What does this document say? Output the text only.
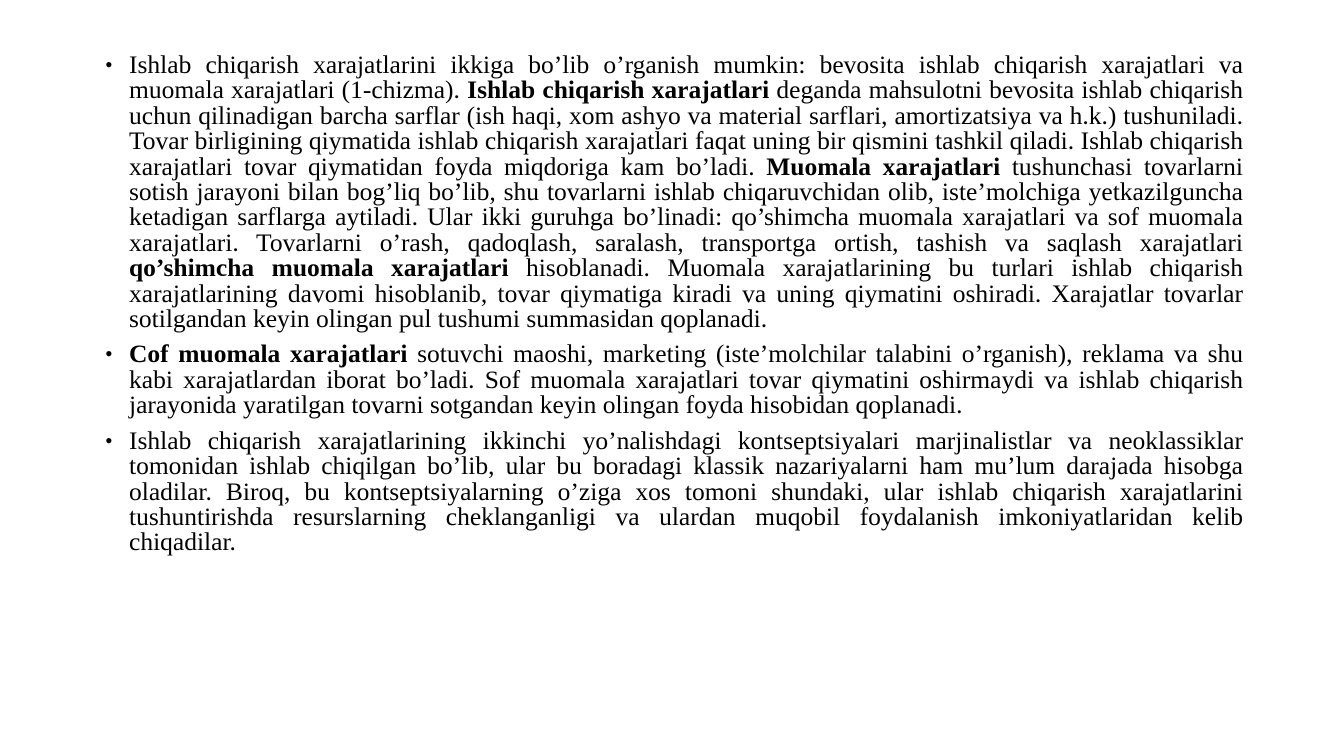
• Ishlab chiqarish xarajatlarini ikkiga bo’lib o’rganish mumkin: bevosita ishlab chiqarish xarajatlari va muomala xarajatlari (1-chizma). Ishlab chiqarish xarajatlari deganda mahsulotni bevosita ishlab chiqarish uchun qilinadigan barcha sarflar (ish haqi, xom ashyo va material sarflari, amortizatsiya va h.k.) tushuniladi. Tovar birligining qiymatida ishlab chiqarish xarajatlari faqat uning bir qismini tashkil qiladi. Ishlab chiqarish xarajatlari tovar qiymatidan foyda miqdoriga kam bo’ladi. Muomala xarajatlari tushunchasi tovarlarni sotish jarayoni bilan bog’liq bo’lib, shu tovarlarni ishlab chiqaruvchidan olib, iste’molchiga yetkazilguncha ketadigan sarflarga aytiladi. Ular ikki guruhga bo’linadi: qo’shimcha muomala xarajatlari va sof muomala xarajatlari. Tovarlarni o’rash, qadoqlash, saralash, transportga ortish, tashish va saqlash xarajatlari qo’shimcha muomala xarajatlari hisoblanadi. Muomala xarajatlarining bu turlari ishlab chiqarish xarajatlarining davomi hisoblanib, tovar qiymatiga kiradi va uning qiymatini oshiradi. Xarajatlar tovarlar sotilgandan keyin olingan pul tushumi summasidan qoplanadi.
• Cof muomala xarajatlari sotuvchi maoshi, marketing (iste’molchilar talabini o’rganish), reklama va shu kabi xarajatlardan iborat bo’ladi. Sof muomala xarajatlari tovar qiymatini oshirmaydi va ishlab chiqarish jarayonida yaratilgan tovarni sotgandan keyin olingan foyda hisobidan qoplanadi.
• Ishlab chiqarish xarajatlarining ikkinchi yo’nalishdagi kontseptsiyalari marjinalistlar va neoklassiklar tomonidan ishlab chiqilgan bo’lib, ular bu boradagi klassik nazariyalarni ham mu’lum darajada hisobga oladilar. Biroq, bu kontseptsiyalarning o’ziga xos tomoni shundaki, ular ishlab chiqarish xarajatlarini tushuntirishda resurslarning cheklanganligi va ulardan muqobil foydalanish imkoniyatlaridan kelib chiqadilar.
